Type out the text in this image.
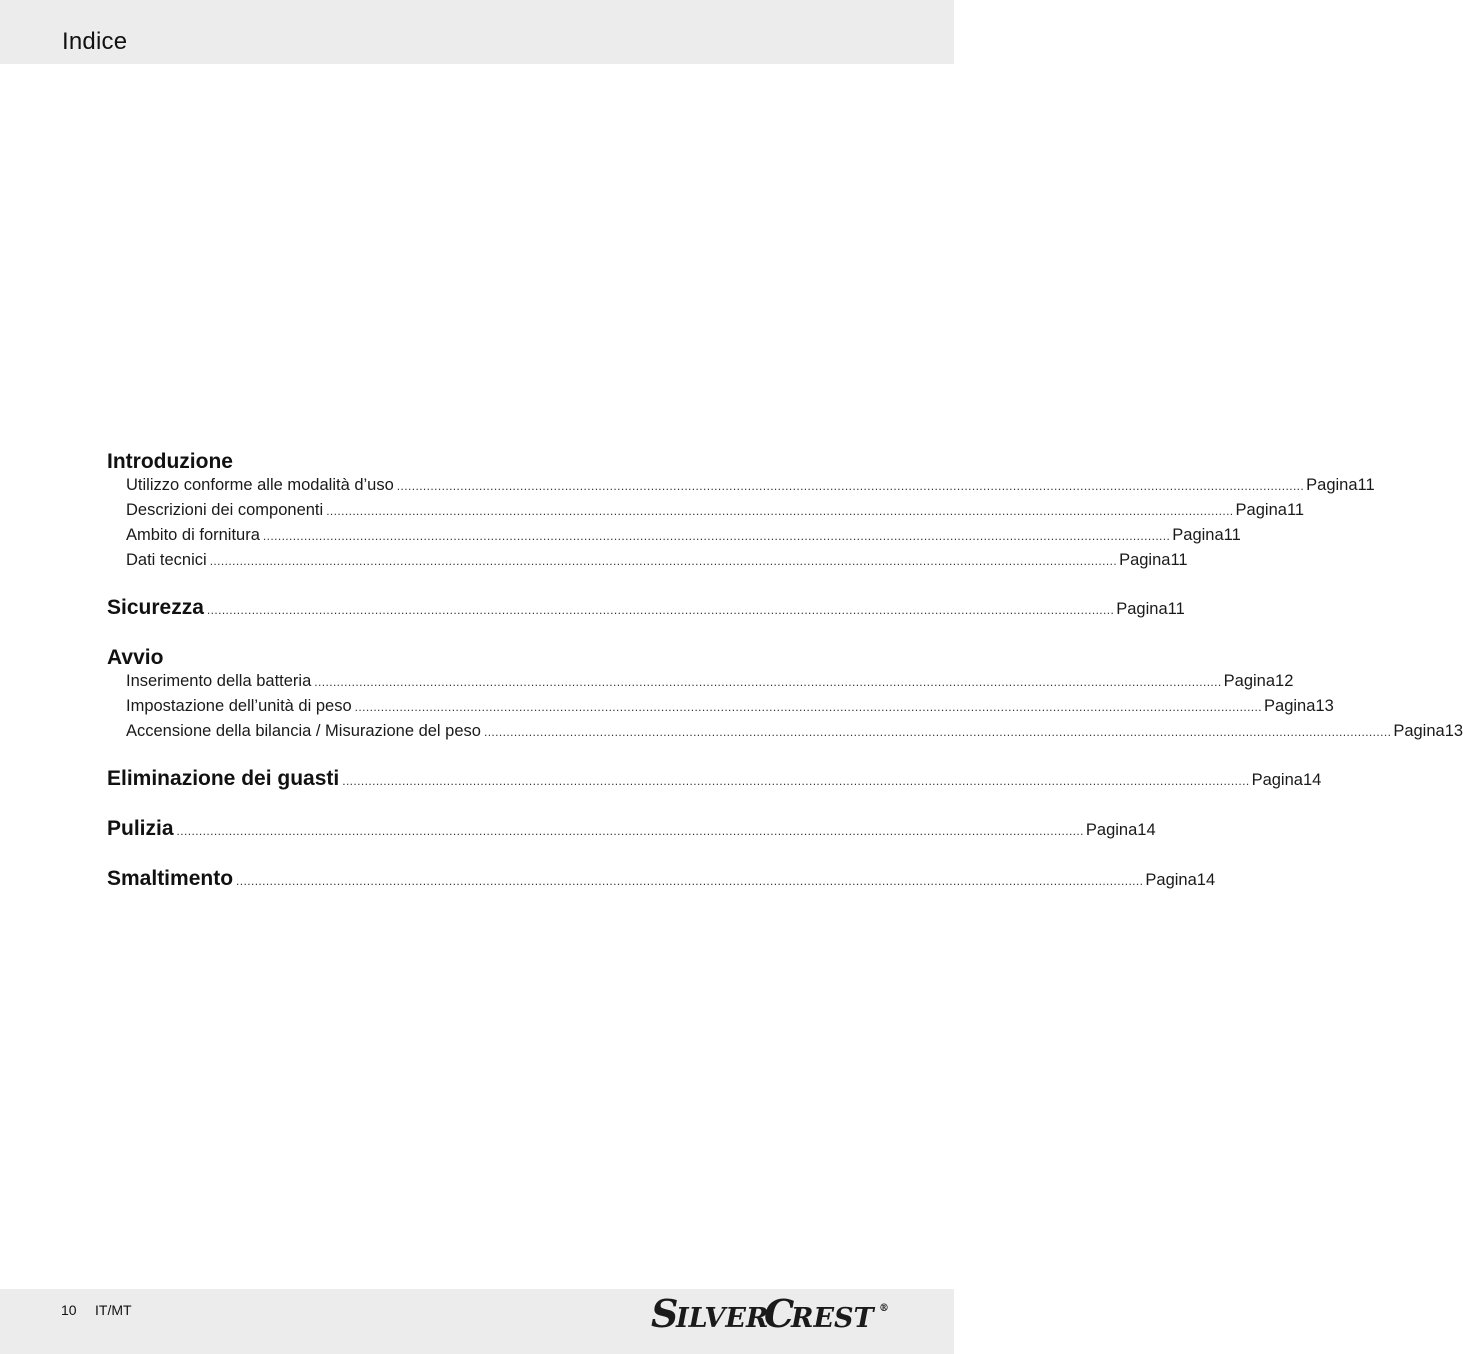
Indice
Introduzione
Utilizzo conforme alle modalità d’uso .....	Pagina 11
Descrizioni dei componenti .....	Pagina 11
Ambito di fornitura .....	Pagina 11
Dati tecnici .....	Pagina 11
Sicurezza .....	Pagina 11
Avvio
Inserimento della batteria .....	Pagina 12
Impostazione dell’unità di peso .....	Pagina 13
Accensione della bilancia / Misurazione del peso .....	Pagina 13
Eliminazione dei guasti .....	Pagina 14
Pulizia .....	Pagina 14
Smaltimento .....	Pagina 14
10 IT/MT	S
ILVER
C
REST ®
